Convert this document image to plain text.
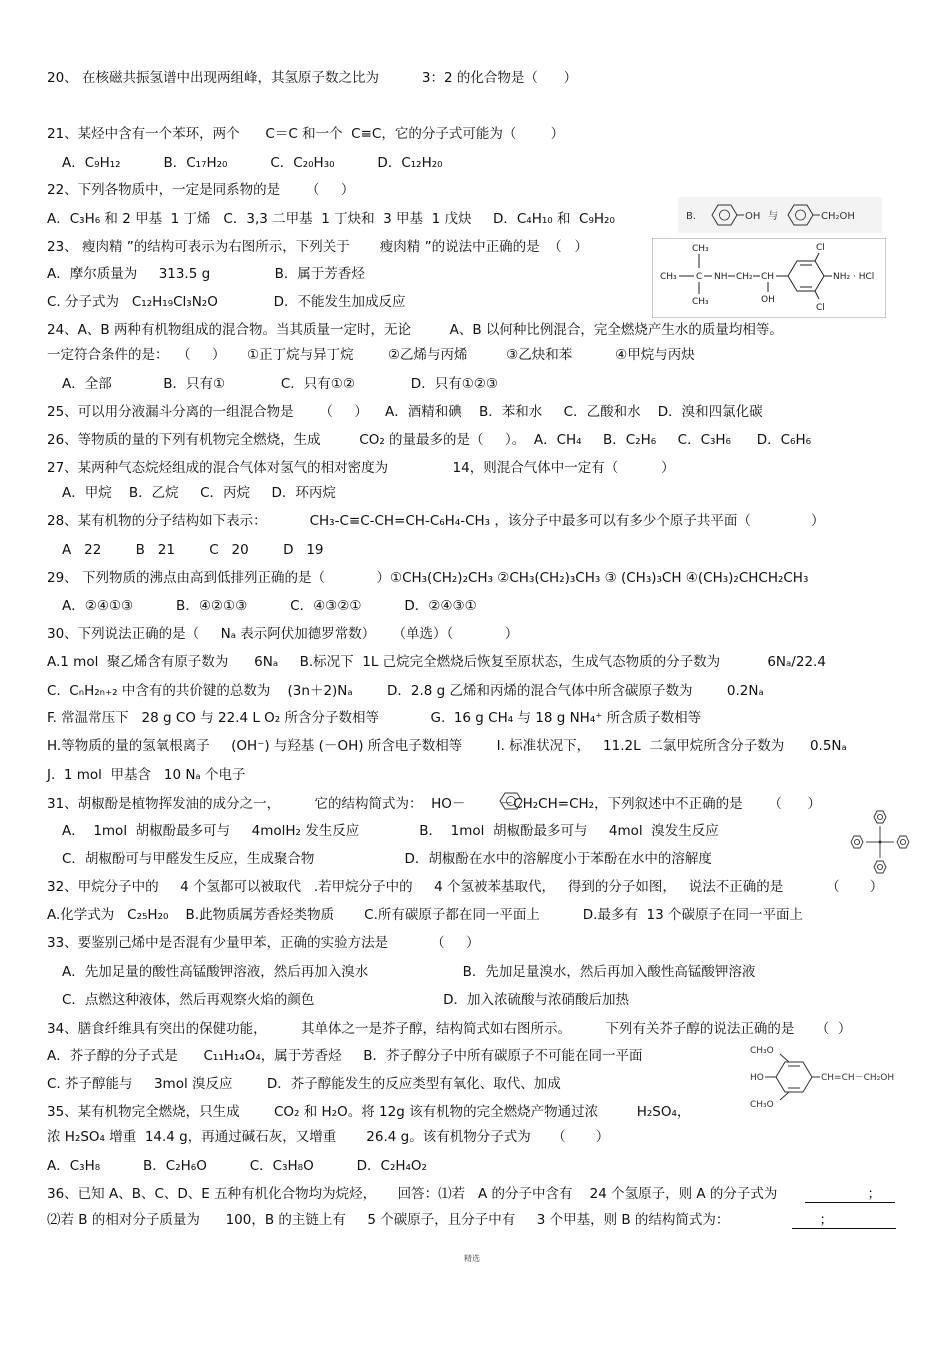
20、 在核磁共振氢谱中出现两组峰，其氢原子数之比为          3：2 的化合物是（      ）
21、某烃中含有一个苯环，两个      C＝C 和一个  C≡C，它的分子式可能为（        ）
A．C₉H₁₂          B．C₁₇H₂₀          C．C₂₀H₃₀          D．C₁₂H₂₀
22、下列各物质中，一定是同系物的是      （     ）
A．C₃H₆ 和 2 甲基  1 丁烯   C．3,3 二甲基  1 丁炔和  3 甲基  1 戊炔     D．C₄H₁₀ 和  C₉H₂₀
23、 瘦肉精 ”的结构可表示为右图所示，下列关于       瘦肉精 ”的说法中正确的是  （   ）
A．摩尔质量为     313.5 g               B．属于芳香烃
C. 分子式为   C₁₂H₁₉Cl₃N₂O             D．不能发生加成反应
24、A、B 两种有机物组成的混合物。当其质量一定时，无论         A、B 以何种比例混合，完全燃烧产生水的质量均相等。
一定符合条件的是：  （     ）     ①正丁烷与异丁烷        ②乙烯与丙烯         ③乙炔和苯          ④甲烷与丙炔
A．全部            B．只有①             C．只有①②             D．只有①②③
25、可以用分液漏斗分离的一组混合物是      （     ）    A．酒精和碘    B．苯和水     C．乙酸和水    D．溴和四氯化碳
26、等物质的量的下列有机物完全燃烧，生成         CO₂ 的量最多的是（     ）。  A．CH₄     B．C₂H₆     C．C₃H₆      D．C₆H₆
27、某两种气态烷烃组成的混合气体对氢气的相对密度为               14，则混合气体中一定有（          ）
A．甲烷    B．乙烷     C．丙烷     D．环丙烷
28、某有机物的分子结构如下表示：          CH₃-C≡C-CH=CH-C₆H₄-CH₃ ，该分子中最多可以有多少个原子共平面（              ）
A   22        B   21        C   20        D   19
29、 下列物质的沸点由高到低排列正确的是（            ）①CH₃(CH₂)₂CH₃ ②CH₃(CH₂)₃CH₃ ③ (CH₃)₃CH ④(CH₃)₂CHCH₂CH₃
A．②④①③          B．④②①③          C．④③②①          D．②④③①
30、下列说法正确的是（     Nₐ 表示阿伏加德罗常数）    （单选）（            ）
A.1 mol  聚乙烯含有原子数为      6Nₐ     B.标况下  1L 己烷完全燃烧后恢复至原状态，生成气态物质的分子数为           6Nₐ/22.4
C.  CₙH₂ₙ₊₂ 中含有的共价键的总数为    (3n＋2)Nₐ        D．2.8 g 乙烯和丙烯的混合气体中所含碳原子数为        0.2Nₐ
F. 常温常压下   28 g CO 与 22.4 L O₂ 所含分子数相等            G.  16 g CH₄ 与 18 g NH₄⁺ 所含质子数相等
H.等物质的量的氢氧根离子     (OH⁻) 与羟基 (－OH) 所含电子数相等        I. 标准状况下，   11.2L  二氯甲烷所含分子数为      0.5Nₐ
J.  1 mol  甲基含   10 Nₐ 个电子
31、胡椒酚是植物挥发油的成分之一，        它的结构简式为：  HO－        －CH₂CH=CH₂，下列叙述中不正确的是      （      ）
A．  1mol  胡椒酚最多可与     4molH₂ 发生反应              B．  1mol  胡椒酚最多可与     4mol  溴发生反应
C．胡椒酚可与甲醛发生反应，生成聚合物                     D．胡椒酚在水中的溶解度小于苯酚在水中的溶解度
32、甲烷分子中的     4 个氢都可以被取代   .若甲烷分子中的     4 个氢被苯基取代，   得到的分子如图，   说法不正确的是          （       ）
A.化学式为   C₂₅H₂₀    B.此物质属芳香烃类物质       C.所有碳原子都在同一平面上          D.最多有  13 个碳原子在同一平面上
33、要鉴别己烯中是否混有少量甲苯，正确的实验方法是          （     ）
A．先加足量的酸性高锰酸钾溶液，然后再加入溴水                      B．先加足量溴水，然后再加入酸性高锰酸钾溶液
C．点燃这种液体，然后再观察火焰的颜色                              D．加入浓硫酸与浓硝酸后加热
34、膳食纤维具有突出的保健功能，        其单体之一是芥子醇，结构简式如右图所示。        下列有关芥子醇的说法正确的是     （  ）
A．芥子醇的分子式是      C₁₁H₁₄O₄，属于芳香烃     B．芥子醇分子中所有碳原子不可能在同一平面
C. 芥子醇能与     3mol 溴反应        D．芥子醇能发生的反应类型有氧化、取代、加成
35、某有机物完全燃烧，只生成        CO₂ 和 H₂O。将 12g 该有机物的完全燃烧产物通过浓         H₂SO₄，
浓 H₂SO₄ 增重  14.4 g，再通过碱石灰，又增重       26.4 g。该有机物分子式为     （       ）
A．C₃H₈          B．C₂H₆O          C．C₃H₈O          D．C₂H₄O₂
36、已知 A、B、C、D、E 五种有机化合物均为烷烃，     回答：⑴若   A 的分子中含有    24 个氢原子，则 A 的分子式为                     ；
⑵若 B 的相对分子质量为      100，B 的主链上有     5 个碳原子，且分子中有     3 个甲基，则 B 的结构简式为：                     ；
B.	OH 与	CH₂OH
CH₃
CH₃ C NH CH₂ CH
OH
CH₃
Cl
Cl
NH₂ · HCl
CH₃O
HO
CH₃O
CH=CH－CH₂OH
精选
